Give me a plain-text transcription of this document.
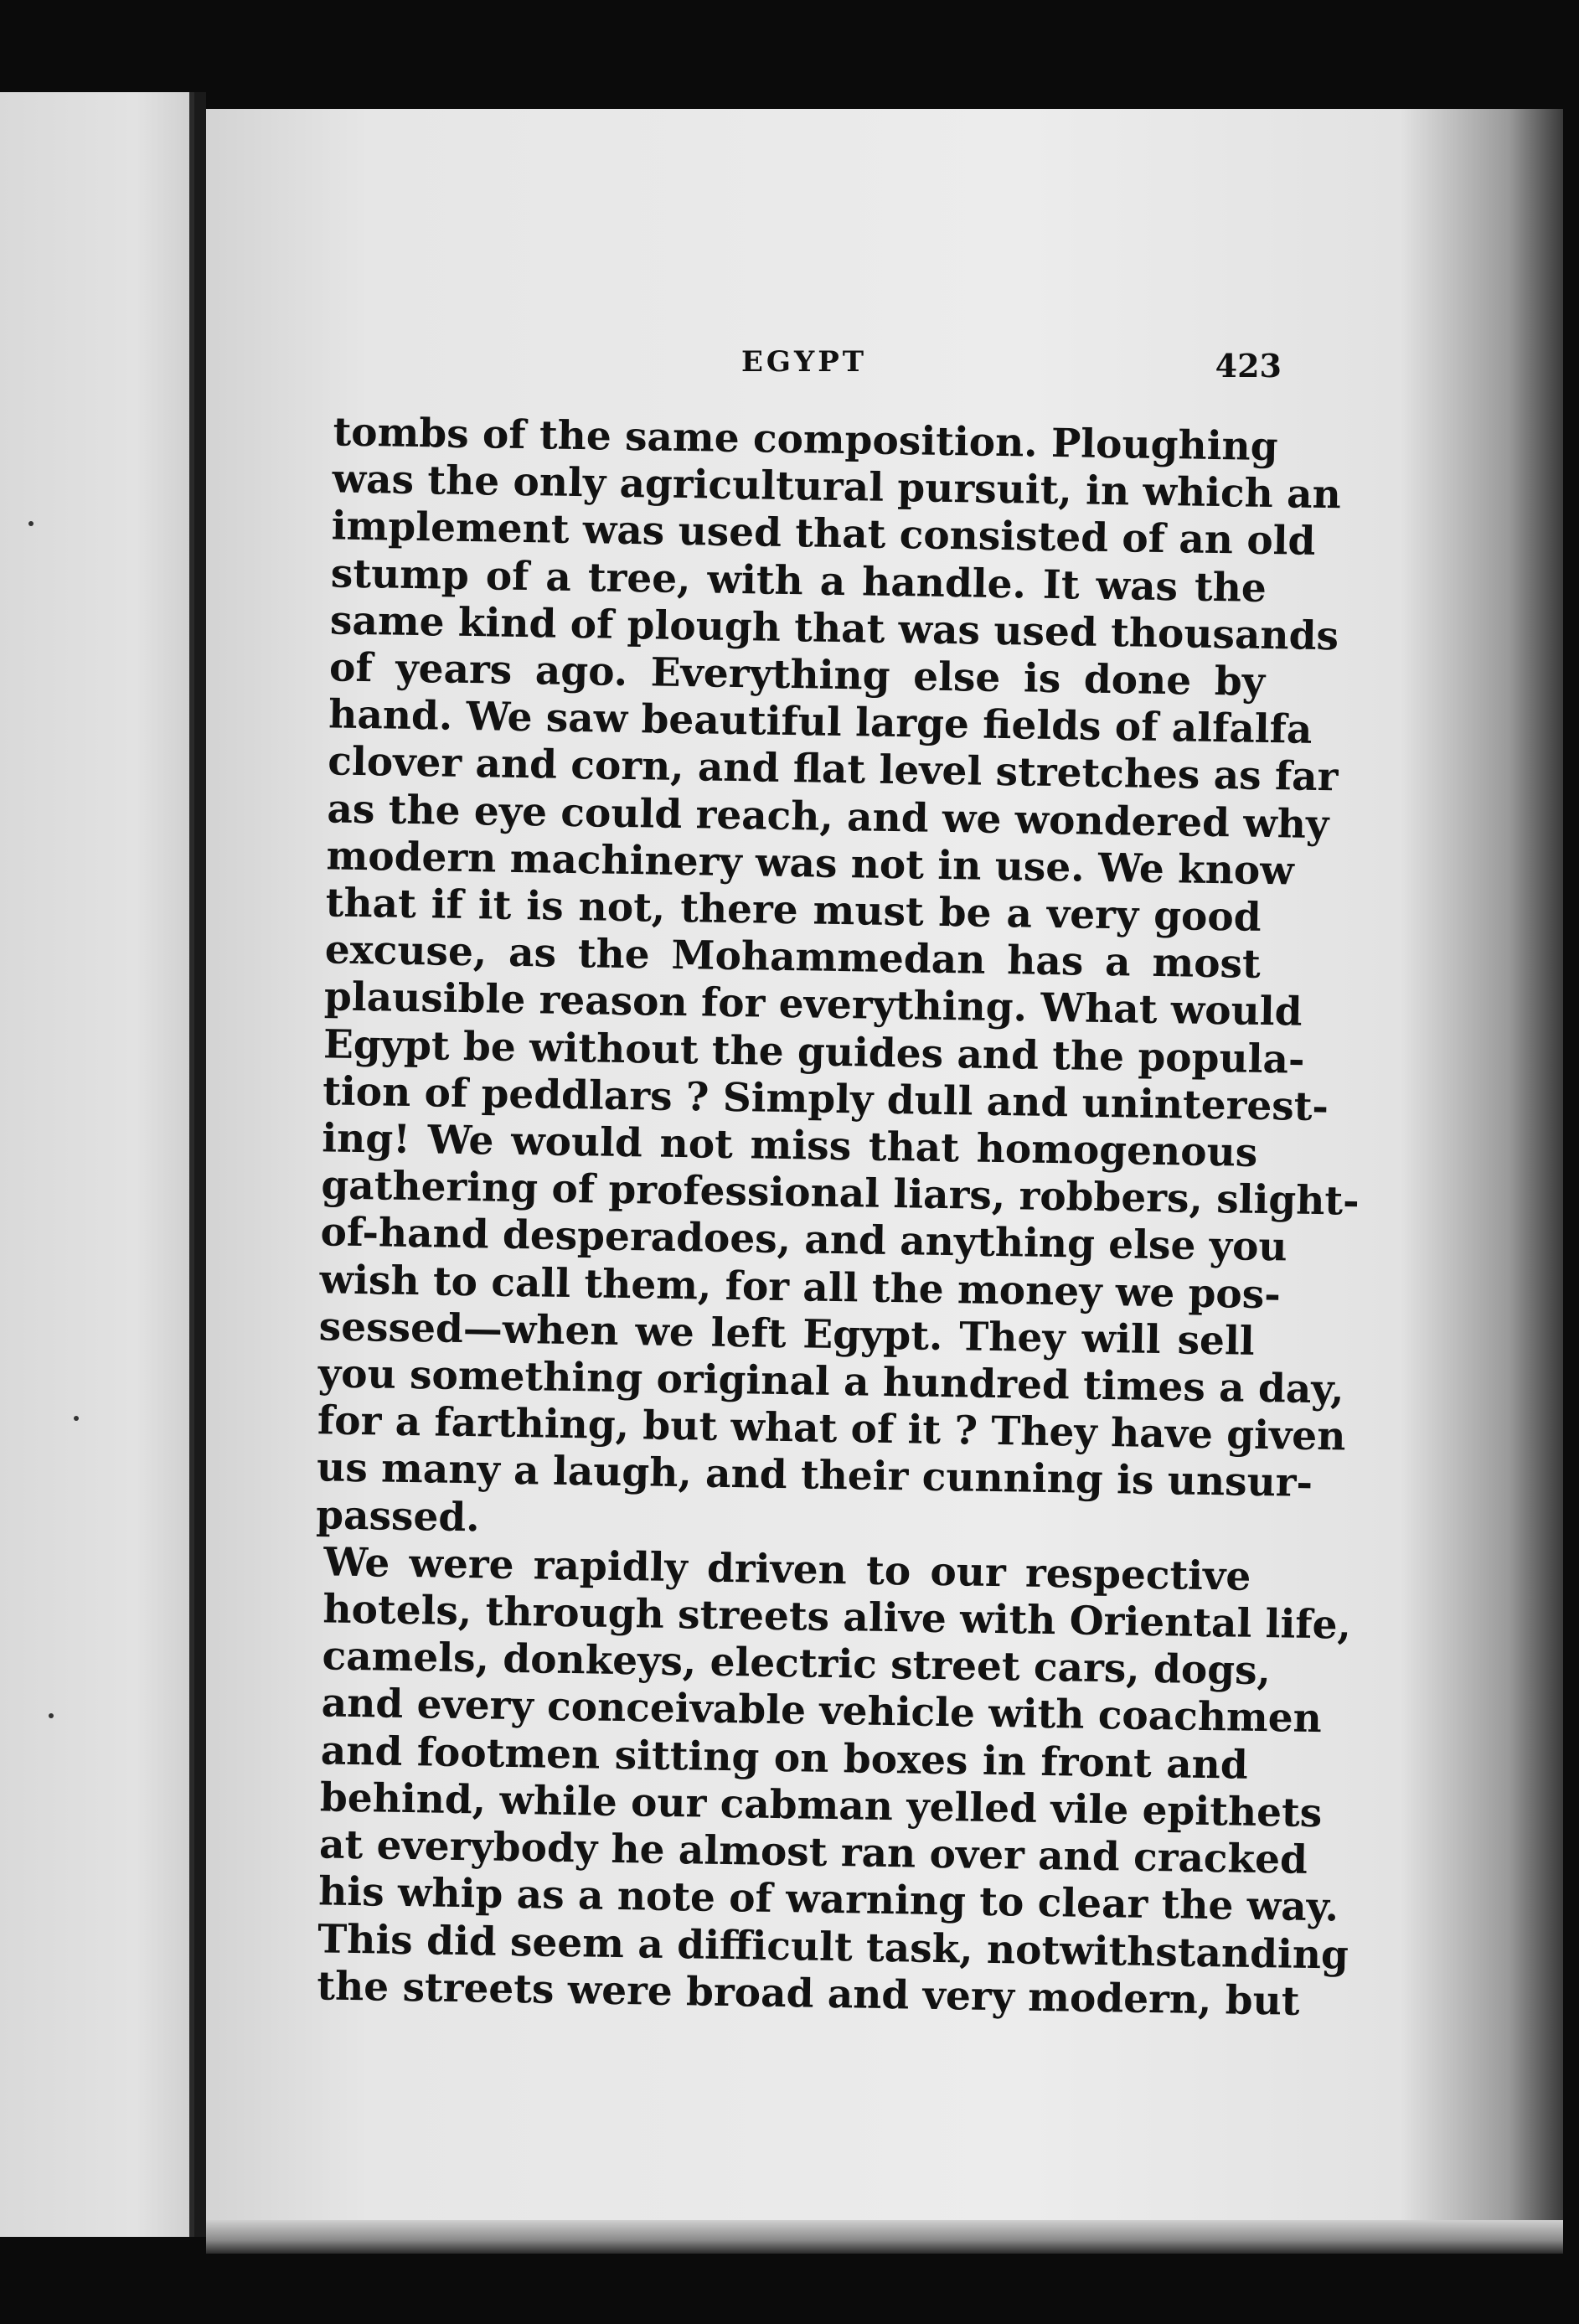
EGYPT	423
tombs of the same composition. Ploughing
was the only agricultural pursuit, in which an
implement was used that consisted of an old
stump of a tree, with a handle. It was the
same kind of plough that was used thousands
of years ago. Everything else is done by
hand. We saw beautiful large fields of alfalfa
clover and corn, and flat level stretches as far
as the eye could reach, and we wondered why
modern machinery was not in use. We know
that if it is not, there must be a very good
excuse, as the Mohammedan has a most
plausible reason for everything. What would
Egypt be without the guides and the popula-
tion of peddlars ? Simply dull and uninterest-
ing! We would not miss that homogenous
gathering of professional liars, robbers, slight-
of-hand desperadoes, and anything else you
wish to call them, for all the money we pos-
sessed—when we left Egypt. They will sell
you something original a hundred times a day,
for a farthing, but what of it ? They have given
us many a laugh, and their cunning is unsur-
passed.
We were rapidly driven to our respective
hotels, through streets alive with Oriental life,
camels, donkeys, electric street cars, dogs,
and every conceivable vehicle with coachmen
and footmen sitting on boxes in front and
behind, while our cabman yelled vile epithets
at everybody he almost ran over and cracked
his whip as a note of warning to clear the way.
This did seem a difficult task, notwithstanding
the streets were broad and very modern, but
